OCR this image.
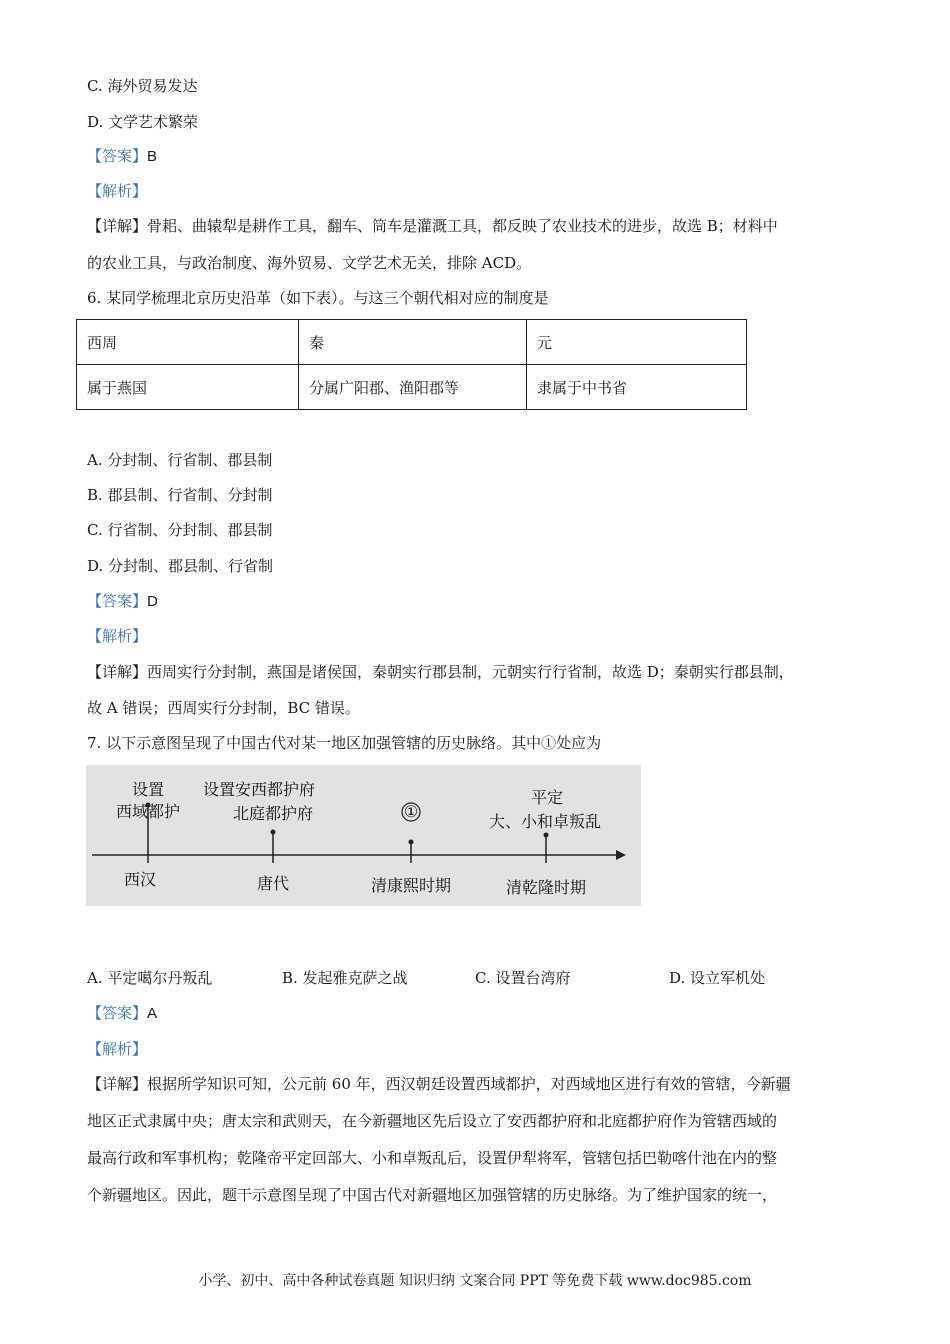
C. 海外贸易发达
D. 文学艺术繁荣
【答案】B
【解析】
【详解】骨耜、曲辕犁是耕作工具，翻车、筒车是灌溉工具，都反映了农业技术的进步，故选 B；材料中
的农业工具，与政治制度、海外贸易、文学艺术无关，排除 ACD。
6. 某同学梳理北京历史沿革（如下表）。与这三个朝代相对应的制度是
西周	秦	元
属于燕国	分属广阳郡、渔阳郡等	隶属于中书省
A. 分封制、行省制、郡县制
B. 郡县制、行省制、分封制
C. 行省制、分封制、郡县制
D. 分封制、郡县制、行省制
【答案】D
【解析】
【详解】西周实行分封制，燕国是诸侯国，秦朝实行郡县制，元朝实行行省制，故选 D；秦朝实行郡县制，
故 A 错误；西周实行分封制，BC 错误。
7. 以下示意图呈现了中国古代对某一地区加强管辖的历史脉络。其中①处应为
设置
西域都护
西汉
设置安西都护府
北庭都护府
唐代
①
清康熙时期
平定
大、小和卓叛乱
清乾隆时期
A. 平定噶尔丹叛乱	B. 发起雅克萨之战	C. 设置台湾府	D. 设立军机处
【答案】A
【解析】
【详解】根据所学知识可知，公元前 60 年，西汉朝廷设置西域都护，对西域地区进行有效的管辖，今新疆
地区正式隶属中央；唐太宗和武则天，在今新疆地区先后设立了安西都护府和北庭都护府作为管辖西域的
最高行政和军事机构；乾隆帝平定回部大、小和卓叛乱后，设置伊犁将军，管辖包括巴勒喀什池在内的整
个新疆地区。因此，题干示意图呈现了中国古代对新疆地区加强管辖的历史脉络。为了维护国家的统一，
小学、初中、高中各种试卷真题 知识归纳 文案合同 PPT 等免费下载 www.doc985.com
